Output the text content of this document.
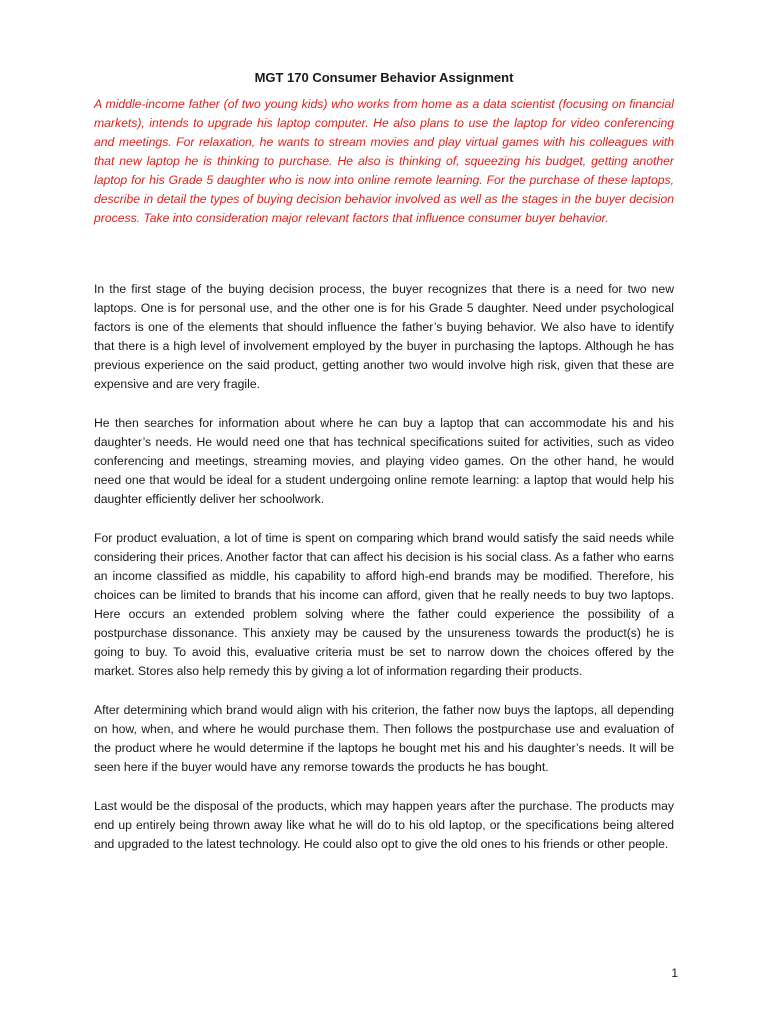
MGT 170 Consumer Behavior Assignment

A middle-income father (of two young kids) who works from home as a data scientist (focusing on financial markets), intends to upgrade his laptop computer. He also plans to use the laptop for video conferencing and meetings. For relaxation, he wants to stream movies and play virtual games with his colleagues with that new laptop he is thinking to purchase. He also is thinking of, squeezing his budget, getting another laptop for his Grade 5 daughter who is now into online remote learning. For the purchase of these laptops, describe in detail the types of buying decision behavior involved as well as the stages in the buyer decision process. Take into consideration major relevant factors that influence consumer buyer behavior.

In the first stage of the buying decision process, the buyer recognizes that there is a need for two new laptops. One is for personal use, and the other one is for his Grade 5 daughter. Need under psychological factors is one of the elements that should influence the father’s buying behavior. We also have to identify that there is a high level of involvement employed by the buyer in purchasing the laptops. Although he has previous experience on the said product, getting another two would involve high risk, given that these are expensive and are very fragile.

He then searches for information about where he can buy a laptop that can accommodate his and his daughter’s needs. He would need one that has technical specifications suited for activities, such as video conferencing and meetings, streaming movies, and playing video games. On the other hand, he would need one that would be ideal for a student undergoing online remote learning: a laptop that would help his daughter efficiently deliver her schoolwork.

For product evaluation, a lot of time is spent on comparing which brand would satisfy the said needs while considering their prices. Another factor that can affect his decision is his social class. As a father who earns an income classified as middle, his capability to afford high-end brands may be modified. Therefore, his choices can be limited to brands that his income can afford, given that he really needs to buy two laptops. Here occurs an extended problem solving where the father could experience the possibility of a postpurchase dissonance. This anxiety may be caused by the unsureness towards the product(s) he is going to buy. To avoid this, evaluative criteria must be set to narrow down the choices offered by the market. Stores also help remedy this by giving a lot of information regarding their products.

After determining which brand would align with his criterion, the father now buys the laptops, all depending on how, when, and where he would purchase them. Then follows the postpurchase use and evaluation of the product where he would determine if the laptops he bought met his and his daughter’s needs. It will be seen here if the buyer would have any remorse towards the products he has bought.

Last would be the disposal of the products, which may happen years after the purchase. The products may end up entirely being thrown away like what he will do to his old laptop, or the specifications being altered and upgraded to the latest technology. He could also opt to give the old ones to his friends or other people.

1
